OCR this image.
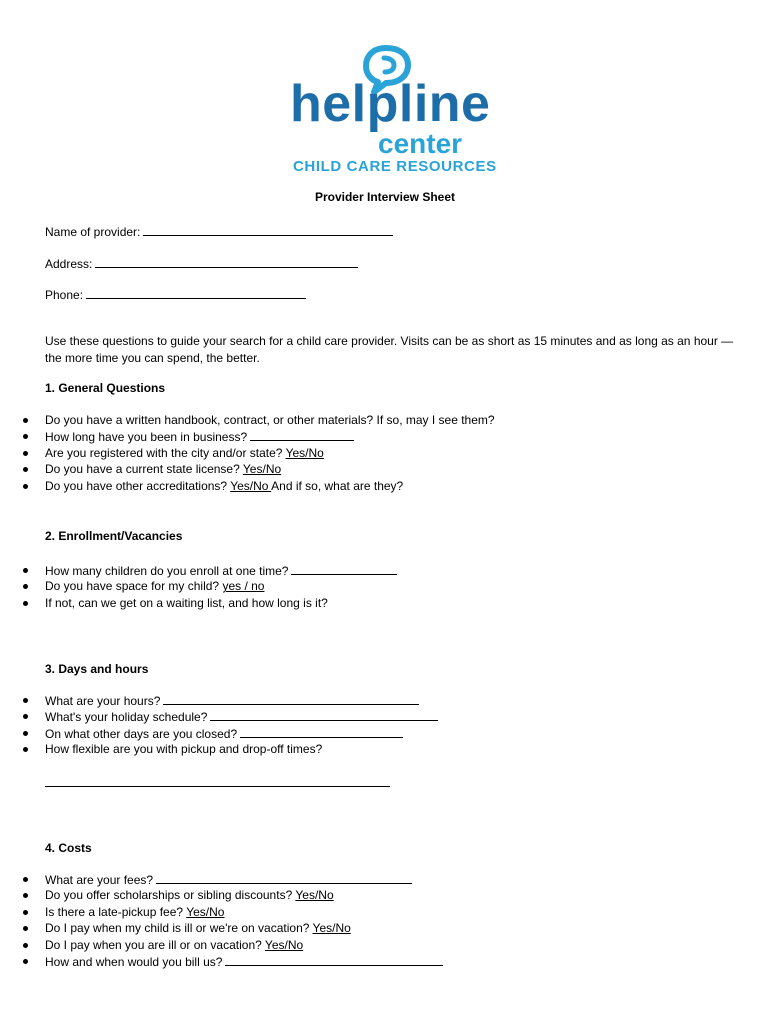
helpline
center
CHILD CARE RESOURCES
Provider Interview Sheet
Name of provider:
Address:
Phone:
Use these questions to guide your search for a child care provider. Visits can be as short as 15 minutes and as long as an hour — the more time you can spend, the better.
1. General Questions
Do you have a written handbook, contract, or other materials? If so, may I see them?
How long have you been in business?
Are you registered with the city and/or state? Yes/No
Do you have a current state license? Yes/No
Do you have other accreditations? Yes/No And if so, what are they?
2. Enrollment/Vacancies
How many children do you enroll at one time?
Do you have space for my child? yes / no
If not, can we get on a waiting list, and how long is it?
3. Days and hours
What are your hours?
What's your holiday schedule?
On what other days are you closed?
How flexible are you with pickup and drop-off times?
4. Costs
What are your fees?
Do you offer scholarships or sibling discounts? Yes/No
Is there a late-pickup fee? Yes/No
Do I pay when my child is ill or we're on vacation? Yes/No
Do I pay when you are ill or on vacation? Yes/No
How and when would you bill us?
